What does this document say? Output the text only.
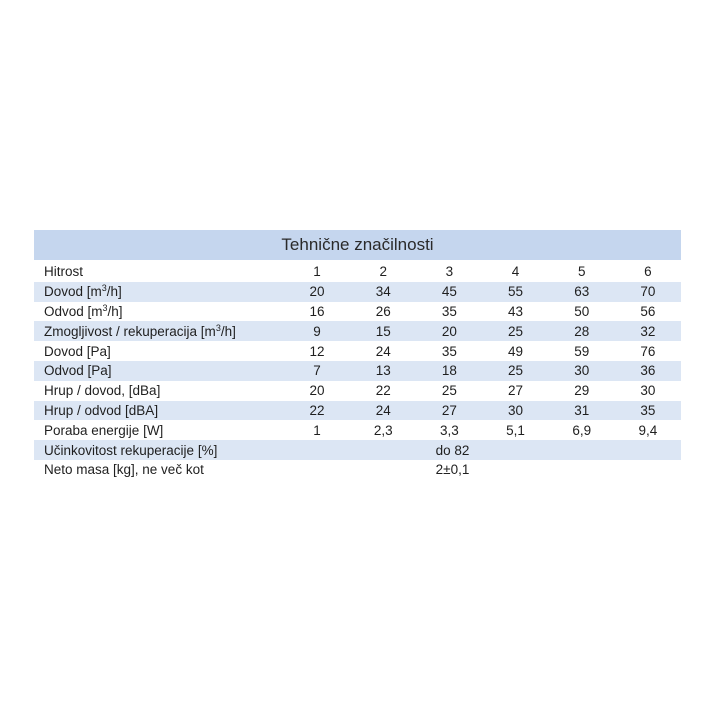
Tehnične značilnosti
Hitrost	1	2	3	4	5	6
Dovod $[m^3/h]$	20	34	45	55	63	70
Odvod $[m^3/h]$	16	26	35	43	50	56
Zmogljivost / rekuperacija $[m^3/h]$	9	15	20	25	28	32
Dovod [Pa]	12	24	35	49	59	76
Odvod [Pa]	7	13	18	25	30	36
Hrup / dovod, [dBa]	20	22	25	27	29	30
Hrup / odvod [dBA]	22	24	27	30	31	35
Poraba energije [W]	1	2,3	3,3	5,1	6,9	9,4
Učinkovitost rekuperacije [%]	do 82
Neto masa [kg], ne več kot	2±0,1
